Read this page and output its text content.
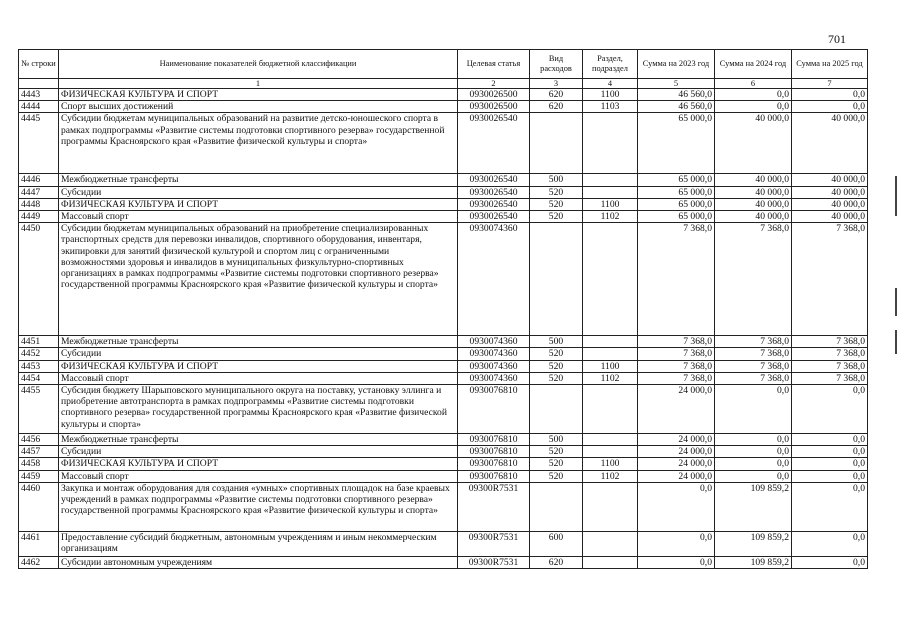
701
№ строки	Наименование показателей бюджетной классификации	Целевая статья	Вид расходов	Раздел, подраздел	Сумма на 2023 год	Сумма на 2024 год	Сумма на 2025 год
	1	2	3	4	5	6	7
4443	ФИЗИЧЕСКАЯ КУЛЬТУРА И СПОРТ	0930026500	620	1100	46 560,0	0,0	0,0
4444	Спорт высших достижений	0930026500	620	1103	46 560,0	0,0	0,0
4445	Субсидии бюджетам муниципальных образований на развитие детско-юношеского спорта в рамках подпрограммы «Развитие системы подготовки спортивного резерва» государственной программы Красноярского края «Развитие физической культуры и спорта»	0930026540			65 000,0	40 000,0	40 000,0
4446	Межбюджетные трансферты	0930026540	500		65 000,0	40 000,0	40 000,0
4447	Субсидии	0930026540	520		65 000,0	40 000,0	40 000,0
4448	ФИЗИЧЕСКАЯ КУЛЬТУРА И СПОРТ	0930026540	520	1100	65 000,0	40 000,0	40 000,0
4449	Массовый спорт	0930026540	520	1102	65 000,0	40 000,0	40 000,0
4450	Субсидии бюджетам муниципальных образований на приобретение специализированных транспортных средств для перевозки инвалидов, спортивного оборудования, инвентаря, экипировки для занятий физической культурой и спортом лиц с ограниченными возможностями здоровья и инвалидов в муниципальных физкультурно-спортивных организациях в рамках подпрограммы «Развитие системы подготовки спортивного резерва» государственной программы Красноярского края «Развитие физической культуры и спорта»	0930074360			7 368,0	7 368,0	7 368,0
4451	Межбюджетные трансферты	0930074360	500		7 368,0	7 368,0	7 368,0
4452	Субсидии	0930074360	520		7 368,0	7 368,0	7 368,0
4453	ФИЗИЧЕСКАЯ КУЛЬТУРА И СПОРТ	0930074360	520	1100	7 368,0	7 368,0	7 368,0
4454	Массовый спорт	0930074360	520	1102	7 368,0	7 368,0	7 368,0
4455	Субсидия бюджету Шарыповского муниципального округа на поставку, установку эллинга и приобретение автотранспорта в рамках подпрограммы «Развитие системы подготовки спортивного резерва» государственной программы Красноярского края «Развитие физической культуры и спорта»	0930076810			24 000,0	0,0	0,0
4456	Межбюджетные трансферты	0930076810	500		24 000,0	0,0	0,0
4457	Субсидии	0930076810	520		24 000,0	0,0	0,0
4458	ФИЗИЧЕСКАЯ КУЛЬТУРА И СПОРТ	0930076810	520	1100	24 000,0	0,0	0,0
4459	Массовый спорт	0930076810	520	1102	24 000,0	0,0	0,0
4460	Закупка и монтаж оборудования для создания «умных» спортивных площадок на базе краевых учреждений в рамках подпрограммы «Развитие системы подготовки спортивного резерва» государственной программы Красноярского края «Развитие физической культуры и спорта»	09300R7531			0,0	109 859,2	0,0
4461	Предоставление субсидий бюджетным, автономным учреждениям и иным некоммерческим организациям	09300R7531	600		0,0	109 859,2	0,0
4462	Субсидии автономным учреждениям	09300R7531	620		0,0	109 859,2	0,0
